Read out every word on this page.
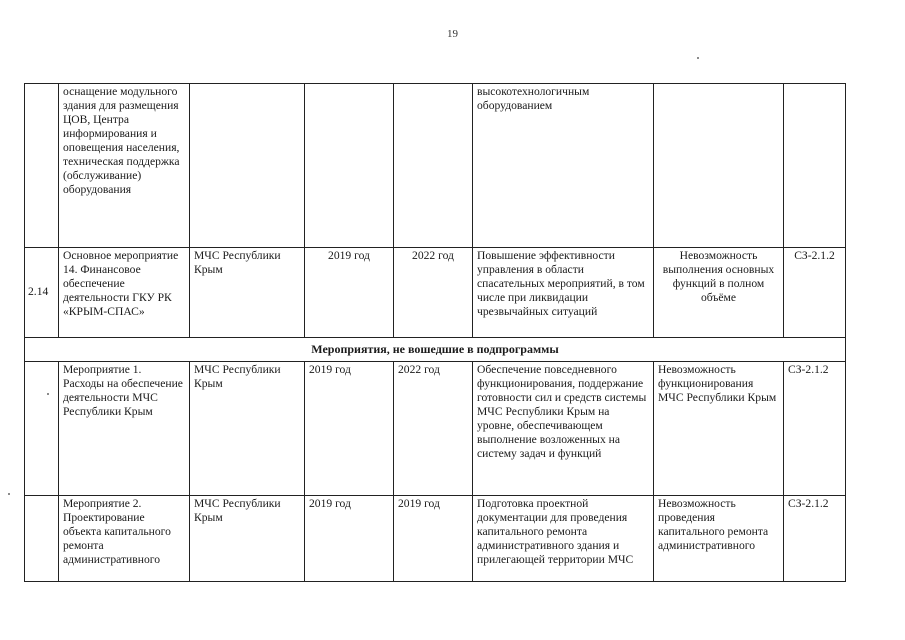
19
	оснащение модульного здания для размещения ЦОВ, Центра информирования и оповещения населения, техническая поддержка (обслуживание) оборудования				высокотехнологичным оборудованием		
2.14	Основное мероприятие 14. Финансовое обеспечение деятельности ГКУ РК «КРЫМ-СПАС»	МЧС Республики Крым	2019 год	2022 год	Повышение эффективности управления в области спасательных мероприятий, в том числе при ликвидации чрезвычайных ситуаций	Невозможность выполнения основных функций в полном объёме	СЗ-2.1.2
Мероприятия, не вошедшие в подпрограммы							
	Мероприятие 1. Расходы на обеспечение деятельности МЧС Республики Крым	МЧС Республики Крым	2019 год	2022 год	Обеспечение повседневного функционирования, поддержание готовности сил и средств системы МЧС Республики Крым на уровне, обеспечивающем выполнение возложенных на систему задач и функций	Невозможность функционирования МЧС Республики Крым	СЗ-2.1.2
	Мероприятие 2. Проектирование объекта капитального ремонта административного	МЧС Республики Крым	2019 год	2019 год	Подготовка проектной документации для проведения капитального ремонта административного здания и прилегающей территории МЧС	Невозможность проведения капитального ремонта административного	СЗ-2.1.2
